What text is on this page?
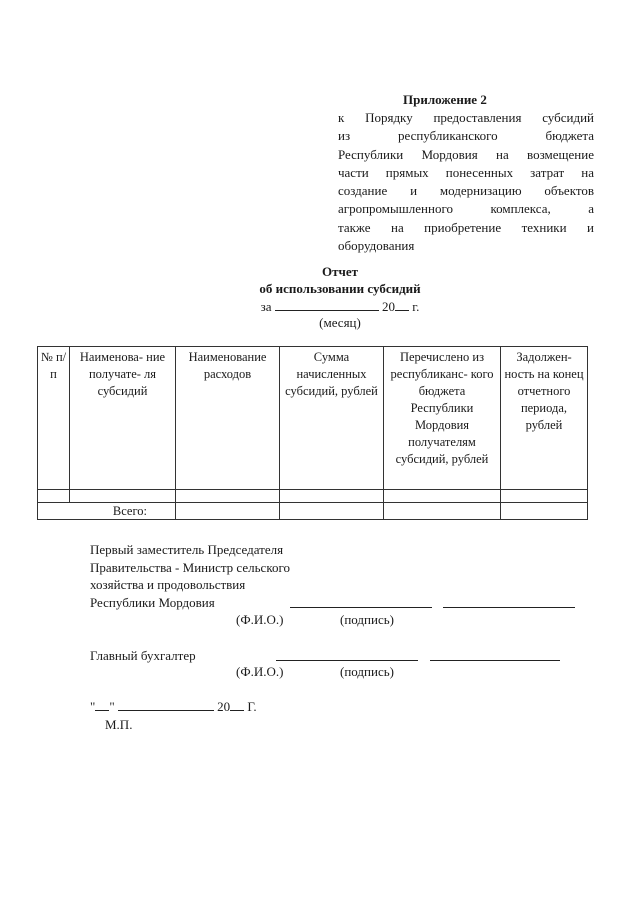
Приложение 2
к Порядку предоставления субсидий
из республиканского бюджета
Республики Мордовия на возмещение
части прямых понесенных затрат на
создание и модернизацию объектов
агропромышленного комплекса, а
также на приобретение техники и
оборудования
Отчет
об использовании субсидий
за	20 г.
(месяц)
№ п/ п	Наименова- ние получате- ля субсидий	Наименование расходов	Сумма начисленных субсидий, рублей	Перечислено из республиканс- кого бюджета Республики Мордовия получателям субсидий, рублей	Задолжен- ность на конец отчетного периода, рублей

Всего:					
Первый заместитель Председателя
Правительства - Министр сельского
хозяйства и продовольствия
Республики Мордовия
(Ф.И.О.)	(подпись)
Главный бухгалтер
(Ф.И.О.)	(подпись)
" "	20 Г.
М.П.
